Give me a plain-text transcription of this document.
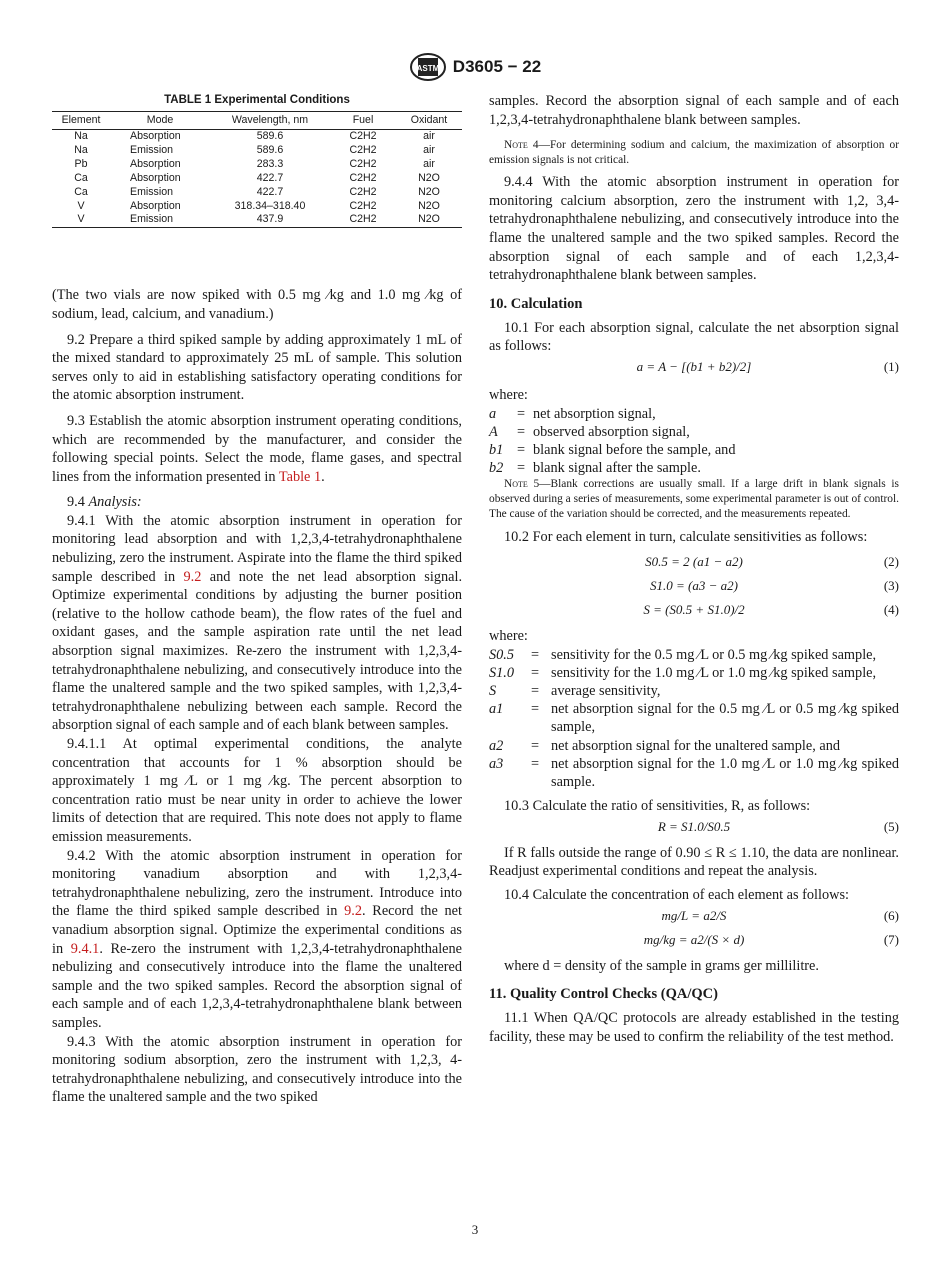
ASTM D3605 − 22
TABLE 1 Experimental Conditions
Element	Mode	Wavelength, nm	Fuel	Oxidant
Na	Absorption	589.6	C2H2	air
Na	Emission	589.6	C2H2	air
Pb	Absorption	283.3	C2H2	air
Ca	Absorption	422.7	C2H2	N2O
Ca	Emission	422.7	C2H2	N2O
V	Absorption	318.34–318.40	C2H2	N2O
V	Emission	437.9	C2H2	N2O

(The two vials are now spiked with 0.5 mg ⁄kg and 1.0 mg ⁄kg of sodium, lead, calcium, and vanadium.)

9.2 Prepare a third spiked sample by adding approximately 1 mL of the mixed standard to approximately 25 mL of sample. This solution serves only to aid in establishing satisfactory operating conditions for the atomic absorption instrument.

9.3 Establish the atomic absorption instrument operating conditions, which are recommended by the manufacturer, and consider the following special points. Select the mode, flame gases, and spectral lines from the information presented in Table 1.

9.4 Analysis:

9.4.1 With the atomic absorption instrument in operation for monitoring lead absorption and with 1,2,3,4-tetrahydronaphthalene nebulizing, zero the instrument. Aspirate into the flame the third spiked sample described in 9.2 and note the net lead absorption signal. Optimize experimental conditions by adjusting the burner position (relative to the hollow cathode beam), the flow rates of the fuel and oxidant gases, and the sample aspiration rate until the net lead absorption signal maximizes. Re-zero the instrument with 1,2,3,4-tetrahydronaphthalene nebulizing, and consecutively introduce into the flame the unaltered sample and the two spiked samples, with 1,2,3,4-tetrahydronaphthalene nebulizing between each sample. Record the absorption signal of each sample and of each blank between samples.

9.4.1.1 At optimal experimental conditions, the analyte concentration that accounts for 1 % absorption should be approximately 1 mg ⁄L or 1 mg ⁄kg. The percent absorption to concentration ratio must be near unity in order to achieve the lower limits of detection that are required. This note does not apply to flame emission measurements.

9.4.2 With the atomic absorption instrument in operation for monitoring vanadium absorption and with 1,2,3,4-tetrahydronaphthalene nebulizing, zero the instrument. Introduce into the flame the third spiked sample described in 9.2. Record the net vanadium absorption signal. Optimize the experimental conditions as in 9.4.1. Re-zero the instrument with 1,2,3,4-tetrahydronaphthalene nebulizing and consecutively introduce into the flame the unaltered sample and the two spiked samples. Record the absorption signal of each sample and of each 1,2,3,4-tetrahydronaphthalene blank between samples.

9.4.3 With the atomic absorption instrument in operation for monitoring sodium absorption, zero the instrument with 1,2,3, 4-tetrahydronaphthalene nebulizing, and consecutively introduce into the flame the unaltered sample and the two spiked

samples. Record the absorption signal of each sample and of each 1,2,3,4-tetrahydronaphthalene blank between samples.

Note 4—For determining sodium and calcium, the maximization of absorption or emission signals is not critical.

9.4.4 With the atomic absorption instrument in operation for monitoring calcium absorption, zero the instrument with 1,2, 3,4-tetrahydronaphthalene nebulizing, and consecutively introduce into the flame the unaltered sample and the two spiked samples. Record the absorption signal of each sample and of each 1,2,3,4-tetrahydronaphthalene blank between samples.

10. Calculation

10.1 For each absorption signal, calculate the net absorption signal as follows:

a = A − [(b1 + b2)/2]	(1)

where:

a	= net absorption signal,
A	= observed absorption signal,
b1 = blank signal before the sample, and
b2 = blank signal after the sample.

Note 5—Blank corrections are usually small. If a large drift in blank signals is observed during a series of measurements, some experimental parameter is out of control. The cause of the variation should be corrected, and the measurements repeated.

10.2 For each element in turn, calculate sensitivities as follows:

S0.5 = 2 (a1 − a2)	(2)
S1.0 = (a3 − a2)	(3)
S = (S0.5 + S1.0)/2	(4)

where:

S0.5	= sensitivity for the 0.5 mg ⁄L or 0.5 mg ⁄kg spiked sample,
S1.0	= sensitivity for the 1.0 mg ⁄L or 1.0 mg ⁄kg spiked sample,
S	= average sensitivity,
a1	= net absorption signal for the 0.5 mg ⁄L or 0.5 mg ⁄kg spiked sample,
a2	= net absorption signal for the unaltered sample, and
a3	= net absorption signal for the 1.0 mg ⁄L or 1.0 mg ⁄kg spiked sample.

10.3 Calculate the ratio of sensitivities, R, as follows:

R = S1.0/S0.5	(5)

If R falls outside the range of 0.90 ≤ R ≤ 1.10, the data are nonlinear. Readjust experimental conditions and repeat the analysis.

10.4 Calculate the concentration of each element as follows:

mg/L = a2/S	(6)
mg/kg = a2/(S × d)	(7)

where d = density of the sample in grams ger millilitre.

11. Quality Control Checks (QA/QC)

11.1 When QA/QC protocols are already established in the testing facility, these may be used to confirm the reliability of the test method.

3
